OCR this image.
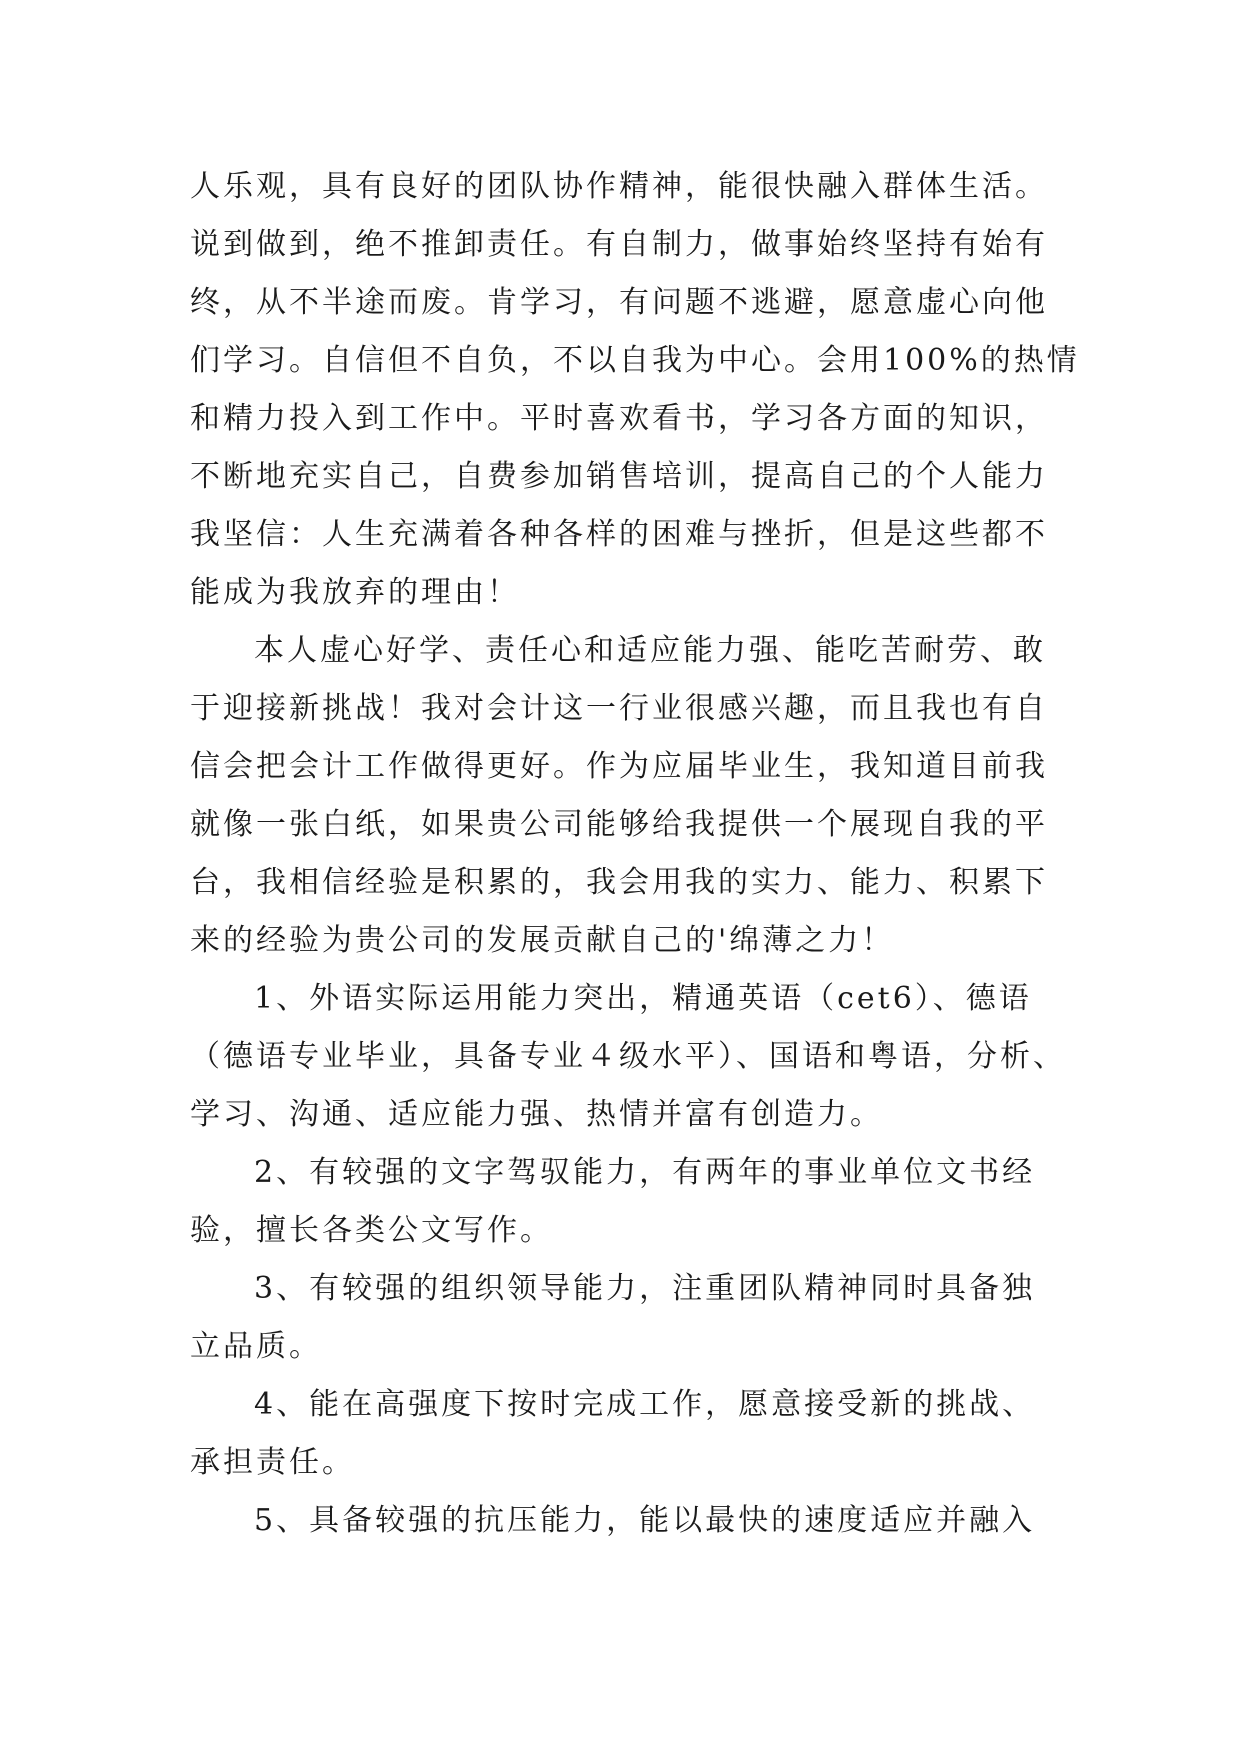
人乐观，具有良好的团队协作精神，能很快融入群体生活。
说到做到，绝不推卸责任。有自制力，做事始终坚持有始有
终，从不半途而废。肯学习，有问题不逃避，愿意虚心向他
们学习。自信但不自负，不以自我为中心。会用100%的热情
和精力投入到工作中。平时喜欢看书，学习各方面的知识，
不断地充实自己，自费参加销售培训，提高自己的个人能力
我坚信：人生充满着各种各样的困难与挫折，但是这些都不
能成为我放弃的理由！
本人虚心好学、责任心和适应能力强、能吃苦耐劳、敢
于迎接新挑战！我对会计这一行业很感兴趣，而且我也有自
信会把会计工作做得更好。作为应届毕业生，我知道目前我
就像一张白纸，如果贵公司能够给我提供一个展现自我的平
台，我相信经验是积累的，我会用我的实力、能力、积累下
来的经验为贵公司的发展贡献自己的'绵薄之力！
1、外语实际运用能力突出，精通英语（cet6）、德语
（德语专业毕业，具备专业４级水平）、国语和粤语，分析、
学习、沟通、适应能力强、热情并富有创造力。
2、有较强的文字驾驭能力，有两年的事业单位文书经
验，擅长各类公文写作。
3、有较强的组织领导能力，注重团队精神同时具备独
立品质。
4、能在高强度下按时完成工作，愿意接受新的挑战、
承担责任。
5、具备较强的抗压能力，能以最快的速度适应并融入
